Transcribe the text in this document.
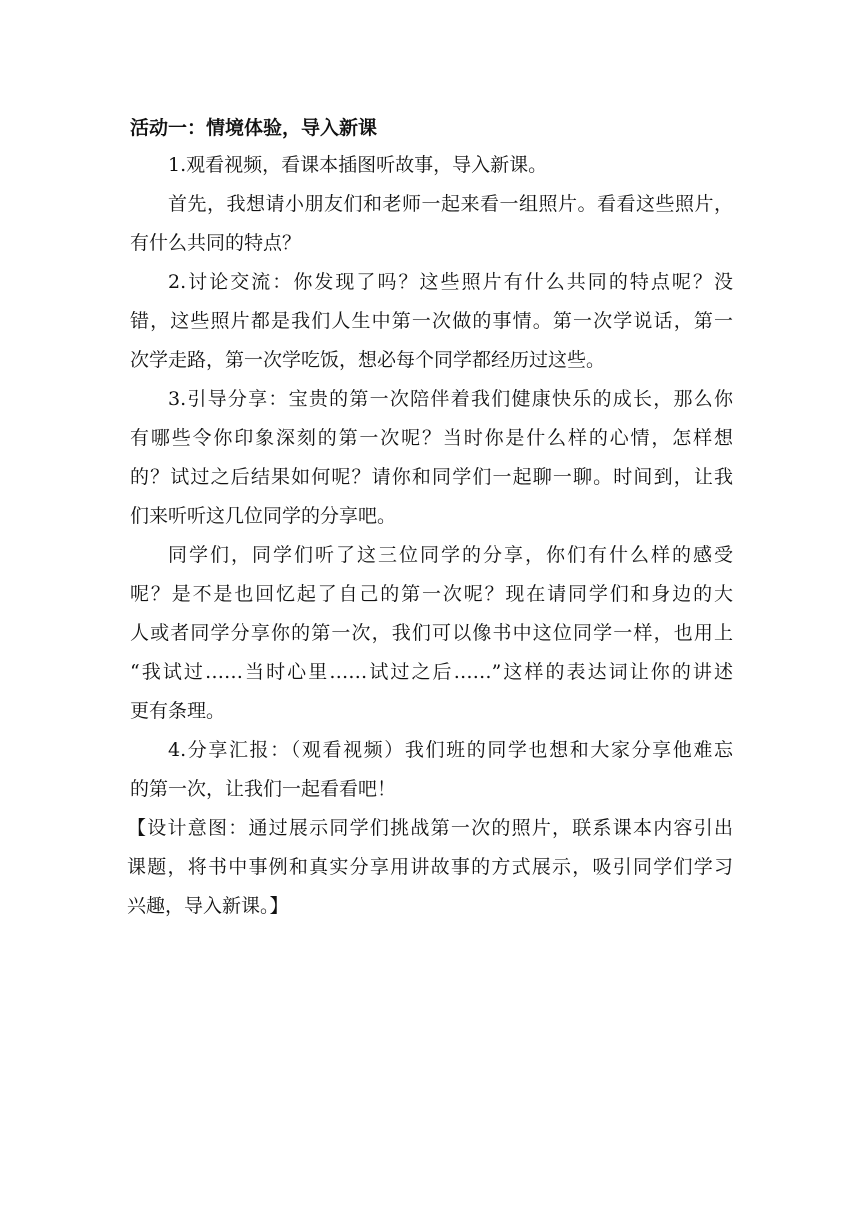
活动一：情境体验，导入新课
1.观看视频，看课本插图听故事，导入新课。
首先，我想请小朋友们和老师一起来看一组照片。看看这些照片，
有什么共同的特点？
2.讨论交流：你发现了吗？这些照片有什么共同的特点呢？没
错，这些照片都是我们人生中第一次做的事情。第一次学说话，第一
次学走路，第一次学吃饭，想必每个同学都经历过这些。
3.引导分享：宝贵的第一次陪伴着我们健康快乐的成长，那么你
有哪些令你印象深刻的第一次呢？当时你是什么样的心情，怎样想
的？试过之后结果如何呢？请你和同学们一起聊一聊。时间到，让我
们来听听这几位同学的分享吧。
同学们，同学们听了这三位同学的分享，你们有什么样的感受
呢？是不是也回忆起了自己的第一次呢？现在请同学们和身边的大
人或者同学分享你的第一次，我们可以像书中这位同学一样，也用上
“我试过……当时心里……试过之后……”这样的表达词让你的讲述
更有条理。
4.分享汇报：（观看视频）我们班的同学也想和大家分享他难忘
的第一次，让我们一起看看吧！
【设计意图：通过展示同学们挑战第一次的照片，联系课本内容引出
课题，将书中事例和真实分享用讲故事的方式展示，吸引同学们学习
兴趣，导入新课。】
